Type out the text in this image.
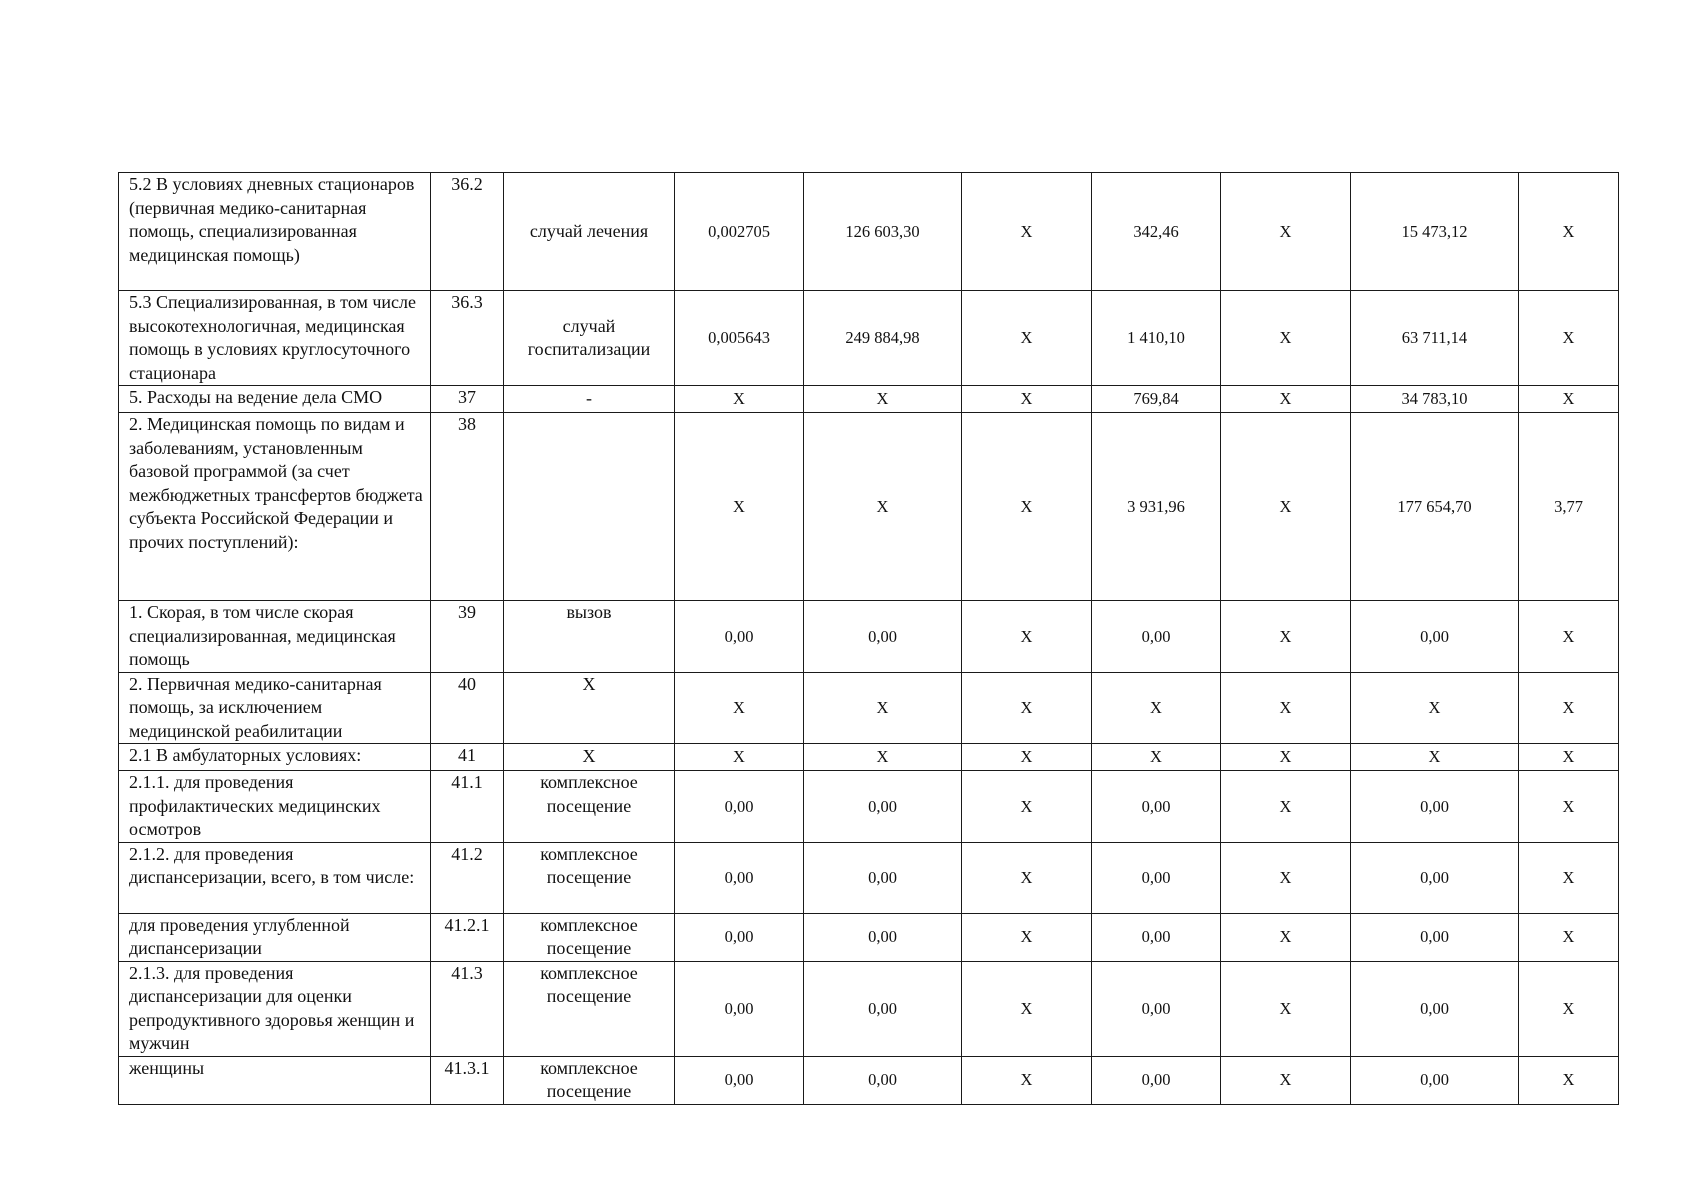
5.2 В условиях дневных стационаров (первичная медико-санитарная помощь, специализированная медицинская помощь)	36.2	случай лечения	0,002705	126 603,30	Х	342,46	Х	15 473,12	Х
5.3 Специализированная, в том числе высокотехнологичная, медицинская помощь в условиях круглосуточного стационара	36.3	случай госпитализации	0,005643	249 884,98	Х	1 410,10	Х	63 711,14	Х
5. Расходы на ведение дела СМО	37	-	Х	Х	Х	769,84	Х	34 783,10	Х
2. Медицинская помощь по видам и заболеваниям, установленным базовой программой (за счет межбюджетных трансфертов бюджета субъекта Российской Федерации и прочих поступлений):	38		Х	Х	Х	3 931,96	Х	177 654,70	3,77
1. Скорая, в том числе скорая специализированная, медицинская помощь	39	вызов	0,00	0,00	Х	0,00	Х	0,00	Х
2. Первичная медико-санитарная помощь, за исключением медицинской реабилитации	40	Х	Х	Х	Х	Х	Х	Х	Х
2.1 В амбулаторных условиях:	41	Х	Х	Х	Х	Х	Х	Х	Х
2.1.1. для проведения профилактических медицинских осмотров	41.1	комплексное посещение	0,00	0,00	Х	0,00	Х	0,00	Х
2.1.2. для проведения диспансеризации, всего, в том числе:	41.2	комплексное посещение	0,00	0,00	Х	0,00	Х	0,00	Х
для проведения углубленной диспансеризации	41.2.1	комплексное посещение	0,00	0,00	Х	0,00	Х	0,00	Х
2.1.3. для проведения диспансеризации для оценки репродуктивного здоровья женщин и мужчин	41.3	комплексное посещение	0,00	0,00	Х	0,00	Х	0,00	Х
женщины	41.3.1	комплексное посещение	0,00	0,00	Х	0,00	Х	0,00	Х
